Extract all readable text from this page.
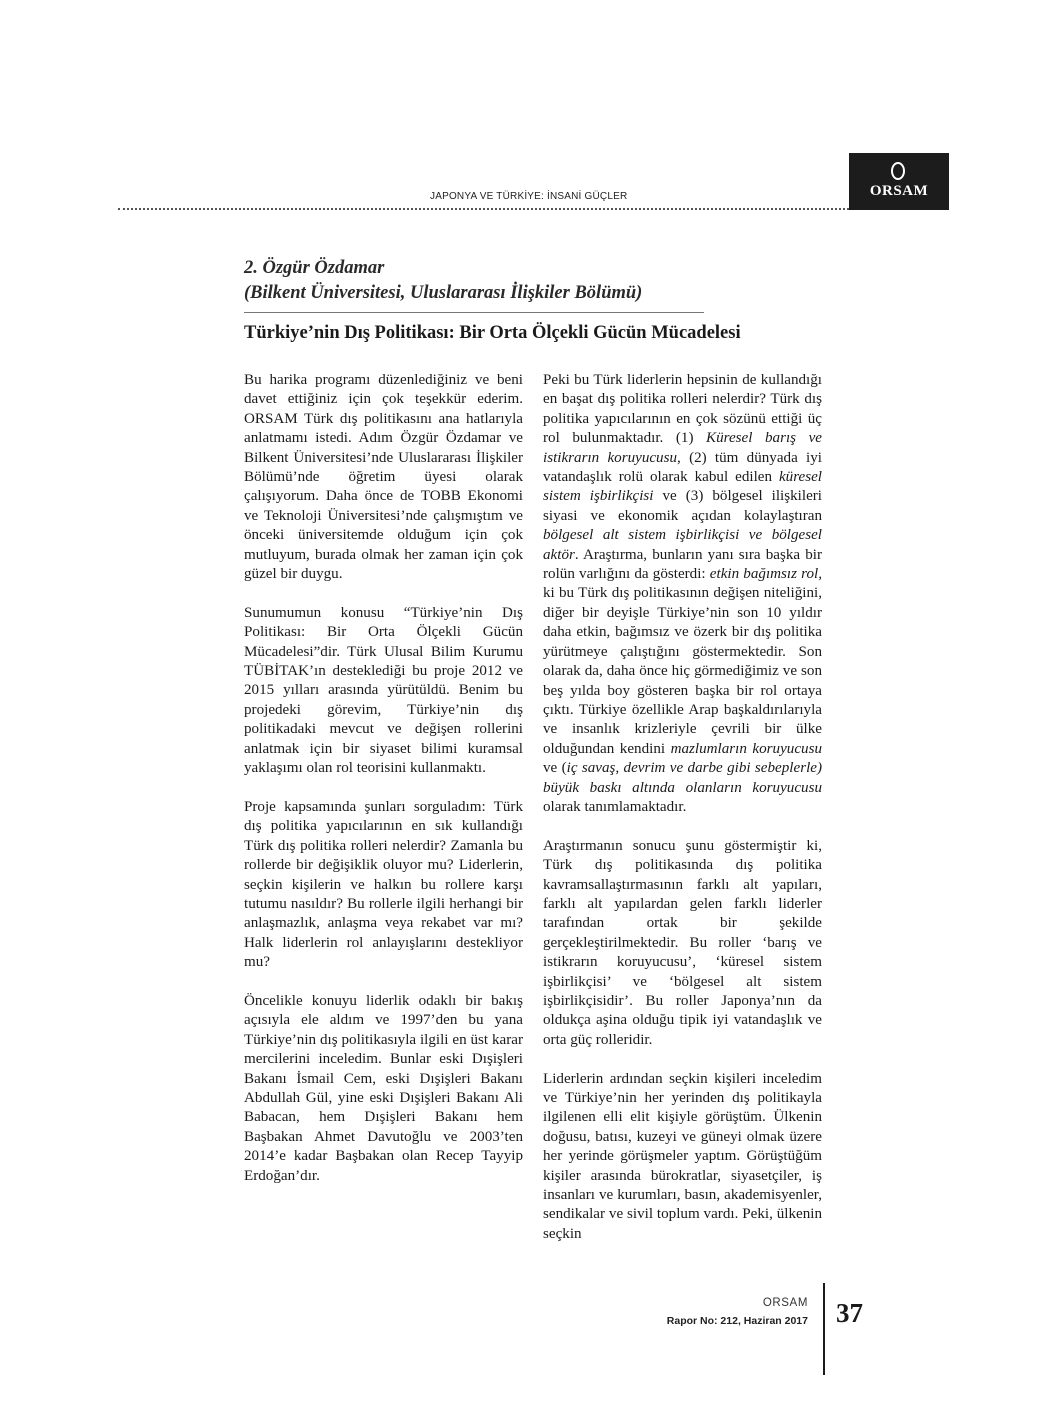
JAPONYA VE TÜRKİYE: İNSANİ GÜÇLER	ORSAM
2. Özgür Özdamar
(Bilkent Üniversitesi, Uluslararası İlişkiler Bölümü)
Türkiye’nin Dış Politikası: Bir Orta Ölçekli Gücün Mücadelesi

Bu harika programı düzenlediğiniz ve beni davet ettiğiniz için çok teşekkür ederim. ORSAM Türk dış politikasını ana hatlarıyla anlatmamı istedi. Adım Özgür Özdamar ve Bilkent Üniversitesi’nde Uluslararası İlişkiler Bölümü’nde öğretim üyesi olarak çalışıyorum. Daha önce de TOBB Ekonomi ve Teknoloji Üniversitesi’nde çalışmıştım ve önceki üniversitemde olduğum için çok mutluyum, burada olmak her zaman için çok güzel bir duygu.

Sunumumun konusu “Türkiye’nin Dış Politikası: Bir Orta Ölçekli Gücün Mücadelesi”dir. Türk Ulusal Bilim Kurumu TÜBİTAK’ın desteklediği bu proje 2012 ve 2015 yılları arasında yürütüldü. Benim bu projedeki görevim, Türkiye’nin dış politikadaki mevcut ve değişen rollerini anlatmak için bir siyaset bilimi kuramsal yaklaşımı olan rol teorisini kullanmaktı.

Proje kapsamında şunları sorguladım: Türk dış politika yapıcılarının en sık kullandığı Türk dış politika rolleri nelerdir? Zamanla bu rollerde bir değişiklik oluyor mu? Liderlerin, seçkin kişilerin ve halkın bu rollere karşı tutumu nasıldır? Bu rollerle ilgili herhangi bir anlaşmazlık, anlaşma veya rekabet var mı? Halk liderlerin rol anlayışlarını destekliyor mu?

Öncelikle konuyu liderlik odaklı bir bakış açısıyla ele aldım ve 1997’den bu yana Türkiye’nin dış politikasıyla ilgili en üst karar mercilerini inceledim. Bunlar eski Dışişleri Bakanı İsmail Cem, eski Dışişleri Bakanı Abdullah Gül, yine eski Dışişleri Bakanı Ali Babacan, hem Dışişleri Bakanı hem Başbakan Ahmet Davutoğlu ve 2003’ten 2014’e kadar Başbakan olan Recep Tayyip Erdoğan’dır.

Peki bu Türk liderlerin hepsinin de kullandığı en başat dış politika rolleri nelerdir? Türk dış politika yapıcılarının en çok sözünü ettiği üç rol bulunmaktadır. (1) Küresel barış ve istikrarın koruyucusu, (2) tüm dünyada iyi vatandaşlık rolü olarak kabul edilen küresel sistem işbirlikçisi ve (3) bölgesel ilişkileri siyasi ve ekonomik açıdan kolaylaştıran bölgesel alt sistem işbirlikçisi ve bölgesel aktör. Araştırma, bunların yanı sıra başka bir rolün varlığını da gösterdi: etkin bağımsız rol, ki bu Türk dış politikasının değişen niteliğini, diğer bir deyişle Türkiye’nin son 10 yıldır daha etkin, bağımsız ve özerk bir dış politika yürütmeye çalıştığını göstermektedir. Son olarak da, daha önce hiç görmediğimiz ve son beş yılda boy gösteren başka bir rol ortaya çıktı. Türkiye özellikle Arap başkaldırılarıyla ve insanlık krizleriyle çevrili bir ülke olduğundan kendini mazlumların koruyucusu ve (iç savaş, devrim ve darbe gibi sebeplerle) büyük baskı altında olanların koruyucusu olarak tanımlamaktadır.

Araştırmanın sonucu şunu göstermiştir ki, Türk dış politikasında dış politika kavramsallaştırmasının farklı alt yapıları, farklı alt yapılardan gelen farklı liderler tarafından ortak bir şekilde gerçekleştirilmektedir. Bu roller ‘barış ve istikrarın koruyucusu’, ‘küresel sistem işbirlikçisi’ ve ‘bölgesel alt sistem işbirlikçisidir’. Bu roller Japonya’nın da oldukça aşina olduğu tipik iyi vatandaşlık ve orta güç rolleridir.

Liderlerin ardından seçkin kişileri inceledim ve Türkiye’nin her yerinden dış politikayla ilgilenen elli elit kişiyle görüştüm. Ülkenin doğusu, batısı, kuzeyi ve güneyi olmak üzere her yerinde görüşmeler yaptım. Görüştüğüm kişiler arasında bürokratlar, siyasetçiler, iş insanları ve kurumları, basın, akademisyenler, sendikalar ve sivil toplum vardı. Peki, ülkenin seçkin

ORSAM
Rapor No: 212, Haziran 2017 37
